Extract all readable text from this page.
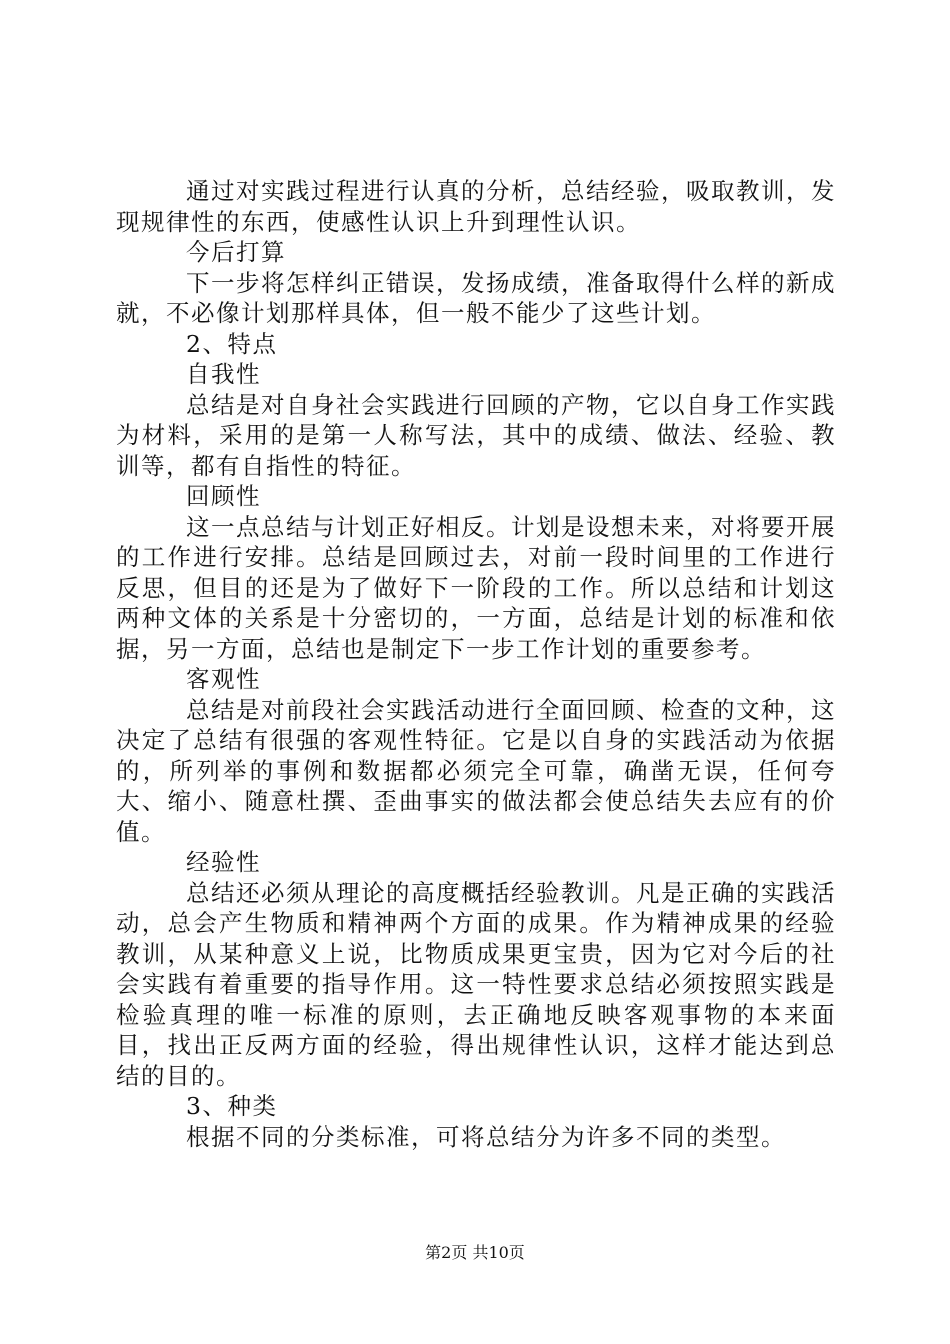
通过对实践过程进行认真的分析，总结经验，吸取教训，发现规律性的东西，使感性认识上升到理性认识。

今后打算

下一步将怎样纠正错误，发扬成绩，准备取得什么样的新成就，不必像计划那样具体，但一般不能少了这些计划。

2、特点

自我性

总结是对自身社会实践进行回顾的产物，它以自身工作实践为材料，采用的是第一人称写法，其中的成绩、做法、经验、教训等，都有自指性的特征。

回顾性

这一点总结与计划正好相反。计划是设想未来，对将要开展的工作进行安排。总结是回顾过去，对前一段时间里的工作进行反思，但目的还是为了做好下一阶段的工作。所以总结和计划这两种文体的关系是十分密切的，一方面，总结是计划的标准和依据，另一方面，总结也是制定下一步工作计划的重要参考。

客观性

总结是对前段社会实践活动进行全面回顾、检查的文种，这决定了总结有很强的客观性特征。它是以自身的实践活动为依据的，所列举的事例和数据都必须完全可靠，确凿无误，任何夸大、缩小、随意杜撰、歪曲事实的做法都会使总结失去应有的价值。

经验性

总结还必须从理论的高度概括经验教训。凡是正确的实践活动，总会产生物质和精神两个方面的成果。作为精神成果的经验教训，从某种意义上说，比物质成果更宝贵，因为它对今后的社会实践有着重要的指导作用。这一特性要求总结必须按照实践是检验真理的唯一标准的原则，去正确地反映客观事物的本来面目，找出正反两方面的经验，得出规律性认识，这样才能达到总结的目的。

3、种类

根据不同的分类标准，可将总结分为许多不同的类型。

第2页 共10页
